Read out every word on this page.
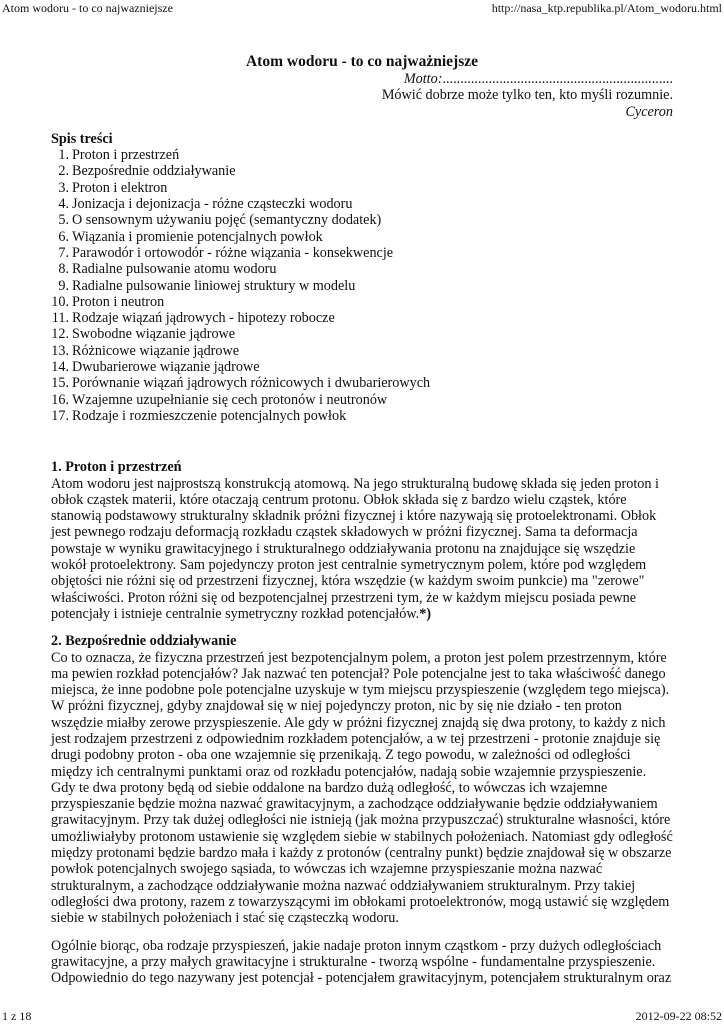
Atom wodoru - to co najwazniejsze	http://nasa_ktp.republika.pl/Atom_wodoru.html
Atom wodoru - to co najważniejsze
Motto:.................................................................
Mówić dobrze może tylko ten, kto myśli rozumnie.
Cyceron
Spis treści
1. Proton i przestrzeń
2. Bezpośrednie oddziaływanie
3. Proton i elektron
4. Jonizacja i dejonizacja - różne cząsteczki wodoru
5. O sensownym używaniu pojęć (semantyczny dodatek)
6. Wiązania i promienie potencjalnych powłok
7. Parawodór i ortowodór - różne wiązania - konsekwencje
8. Radialne pulsowanie atomu wodoru
9. Radialne pulsowanie liniowej struktury w modelu
10. Proton i neutron
11. Rodzaje wiązań jądrowych - hipotezy robocze
12. Swobodne wiązanie jądrowe
13. Różnicowe wiązanie jądrowe
14. Dwubarierowe wiązanie jądrowe
15. Porównanie wiązań jądrowych różnicowych i dwubarierowych
16. Wzajemne uzupełnianie się cech protonów i neutronów
17. Rodzaje i rozmieszczenie potencjalnych powłok
1. Proton i przestrzeń

Atom wodoru jest najprostszą konstrukcją atomową. Na jego strukturalną budowę składa się jeden proton i obłok cząstek materii, które otaczają centrum protonu. Obłok składa się z bardzo wielu cząstek, które stanowią podstawowy strukturalny składnik próżni fizycznej i które nazywają się protoelektronami. Obłok jest pewnego rodzaju deformacją rozkładu cząstek składowych w próżni fizycznej. Sama ta deformacja powstaje w wyniku grawitacyjnego i strukturalnego oddziaływania protonu na znajdujące się wszędzie wokół protoelektrony. Sam pojedynczy proton jest centralnie symetrycznym polem, które pod względem objętości nie różni się od przestrzeni fizycznej, która wszędzie (w każdym swoim punkcie) ma "zerowe" właściwości. Proton różni się od bezpotencjalnej przestrzeni tym, że w każdym miejscu posiada pewne potencjały i istnieje centralnie symetryczny rozkład potencjałów.*)

2. Bezpośrednie oddziaływanie

Co to oznacza, że fizyczna przestrzeń jest bezpotencjalnym polem, a proton jest polem przestrzennym, które ma pewien rozkład potencjałów? Jak nazwać ten potencjał? Pole potencjalne jest to taka właściwość danego miejsca, że inne podobne pole potencjalne uzyskuje w tym miejscu przyspieszenie (względem tego miejsca). W próżni fizycznej, gdyby znajdował się w niej pojedynczy proton, nic by się nie działo - ten proton wszędzie miałby zerowe przyspieszenie. Ale gdy w próżni fizycznej znajdą się dwa protony, to każdy z nich jest rodzajem przestrzeni z odpowiednim rozkładem potencjałów, a w tej przestrzeni - protonie znajduje się drugi podobny proton - oba one wzajemnie się przenikają. Z tego powodu, w zależności od odległości między ich centralnymi punktami oraz od rozkładu potencjałów, nadają sobie wzajemnie przyspieszenie. Gdy te dwa protony będą od siebie oddalone na bardzo dużą odległość, to wówczas ich wzajemne przyspieszanie będzie można nazwać grawitacyjnym, a zachodzące oddziaływanie będzie oddziaływaniem grawitacyjnym. Przy tak dużej odległości nie istnieją (jak można przypuszczać) strukturalne własności, które umożliwiałyby protonom ustawienie się względem siebie w stabilnych położeniach. Natomiast gdy odległość między protonami będzie bardzo mała i każdy z protonów (centralny punkt) będzie znajdował się w obszarze powłok potencjalnych swojego sąsiada, to wówczas ich wzajemne przyspieszanie można nazwać strukturalnym, a zachodzące oddziaływanie można nazwać oddziaływaniem strukturalnym. Przy takiej odległości dwa protony, razem z towarzyszącymi im obłokami protoelektronów, mogą ustawić się względem siebie w stabilnych położeniach i stać się cząsteczką wodoru.

Ogólnie biorąc, oba rodzaje przyspieszeń, jakie nadaje proton innym cząstkom - przy dużych odległościach grawitacyjne, a przy małych grawitacyjne i strukturalne - tworzą wspólne - fundamentalne przyspieszenie. Odpowiednio do tego nazywany jest potencjał - potencjałem grawitacyjnym, potencjałem strukturalnym oraz

1 z 18	2012-09-22 08:52
